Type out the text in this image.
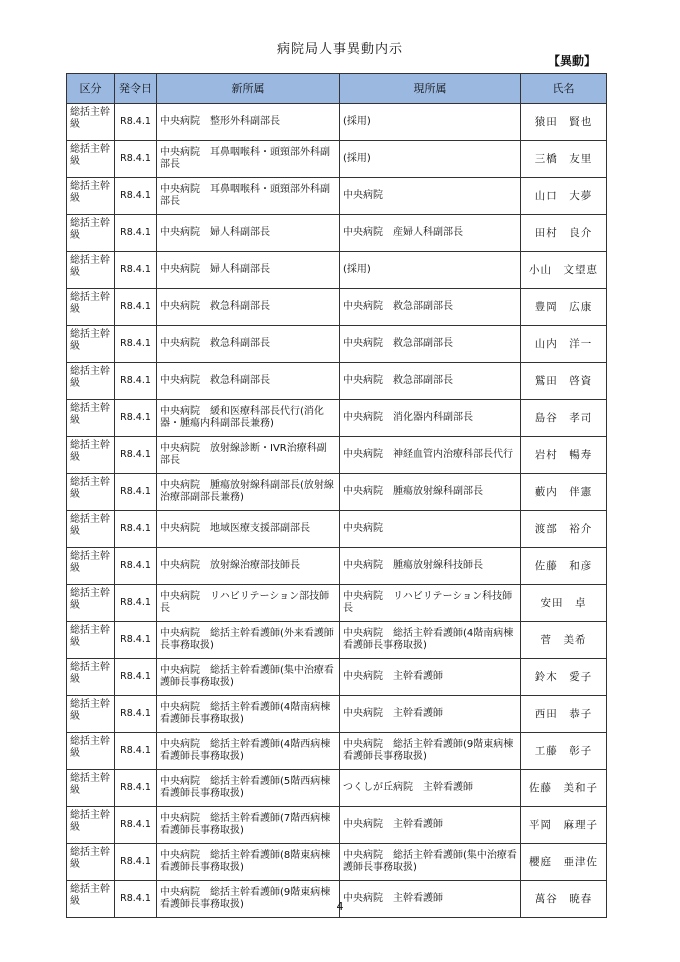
病院局人事異動内示
【異動】
区分	発令日	新所属	現所属	氏名
総括主幹級	R8.4.1	中央病院　整形外科副部長	(採用)	猿田　賢也
総括主幹級	R8.4.1	中央病院　耳鼻咽喉科・頭頸部外科副部長	(採用)	三橋　友里
総括主幹級	R8.4.1	中央病院　耳鼻咽喉科・頭頸部外科副部長	中央病院	山口　大夢
総括主幹級	R8.4.1	中央病院　婦人科副部長	中央病院　産婦人科副部長	田村　良介
総括主幹級	R8.4.1	中央病院　婦人科副部長	(採用)	小山　文望恵
総括主幹級	R8.4.1	中央病院　救急科副部長	中央病院　救急部副部長	豊岡　広康
総括主幹級	R8.4.1	中央病院　救急科副部長	中央病院　救急部副部長	山内　洋一
総括主幹級	R8.4.1	中央病院　救急科副部長	中央病院　救急部副部長	鷲田　啓資
総括主幹級	R8.4.1	中央病院　緩和医療科部長代行(消化器・腫瘍内科副部長兼務)	中央病院　消化器内科副部長	島谷　孝司
総括主幹級	R8.4.1	中央病院　放射線診断・IVR治療科副部長	中央病院　神経血管内治療科部長代行	岩村　暢寿
総括主幹級	R8.4.1	中央病院　腫瘍放射線科副部長(放射線治療部副部長兼務)	中央病院　腫瘍放射線科副部長	藪内　伴憲
総括主幹級	R8.4.1	中央病院　地域医療支援部副部長	中央病院	渡部　裕介
総括主幹級	R8.4.1	中央病院　放射線治療部技師長	中央病院　腫瘍放射線科技師長	佐藤　和彦
総括主幹級	R8.4.1	中央病院　リハビリテーション部技師長	中央病院　リハビリテーション科技師長	安田　卓
総括主幹級	R8.4.1	中央病院　総括主幹看護師(外来看護師長事務取扱)	中央病院　総括主幹看護師(4階南病棟看護師長事務取扱)	菅　美希
総括主幹級	R8.4.1	中央病院　総括主幹看護師(集中治療看護師長事務取扱)	中央病院　主幹看護師	鈴木　愛子
総括主幹級	R8.4.1	中央病院　総括主幹看護師(4階南病棟看護師長事務取扱)	中央病院　主幹看護師	西田　恭子
総括主幹級	R8.4.1	中央病院　総括主幹看護師(4階西病棟看護師長事務取扱)	中央病院　総括主幹看護師(9階東病棟看護師長事務取扱)	工藤　彰子
総括主幹級	R8.4.1	中央病院　総括主幹看護師(5階西病棟看護師長事務取扱)	つくしが丘病院　主幹看護師	佐藤　美和子
総括主幹級	R8.4.1	中央病院　総括主幹看護師(7階西病棟看護師長事務取扱)	中央病院　主幹看護師	平岡　麻理子
総括主幹級	R8.4.1	中央病院　総括主幹看護師(8階東病棟看護師長事務取扱)	中央病院　総括主幹看護師(集中治療看護師長事務取扱)	櫻庭　亜津佐
総括主幹級	R8.4.1	中央病院　総括主幹看護師(9階東病棟看護師長事務取扱)	中央病院　主幹看護師	萬谷　暁春
4
